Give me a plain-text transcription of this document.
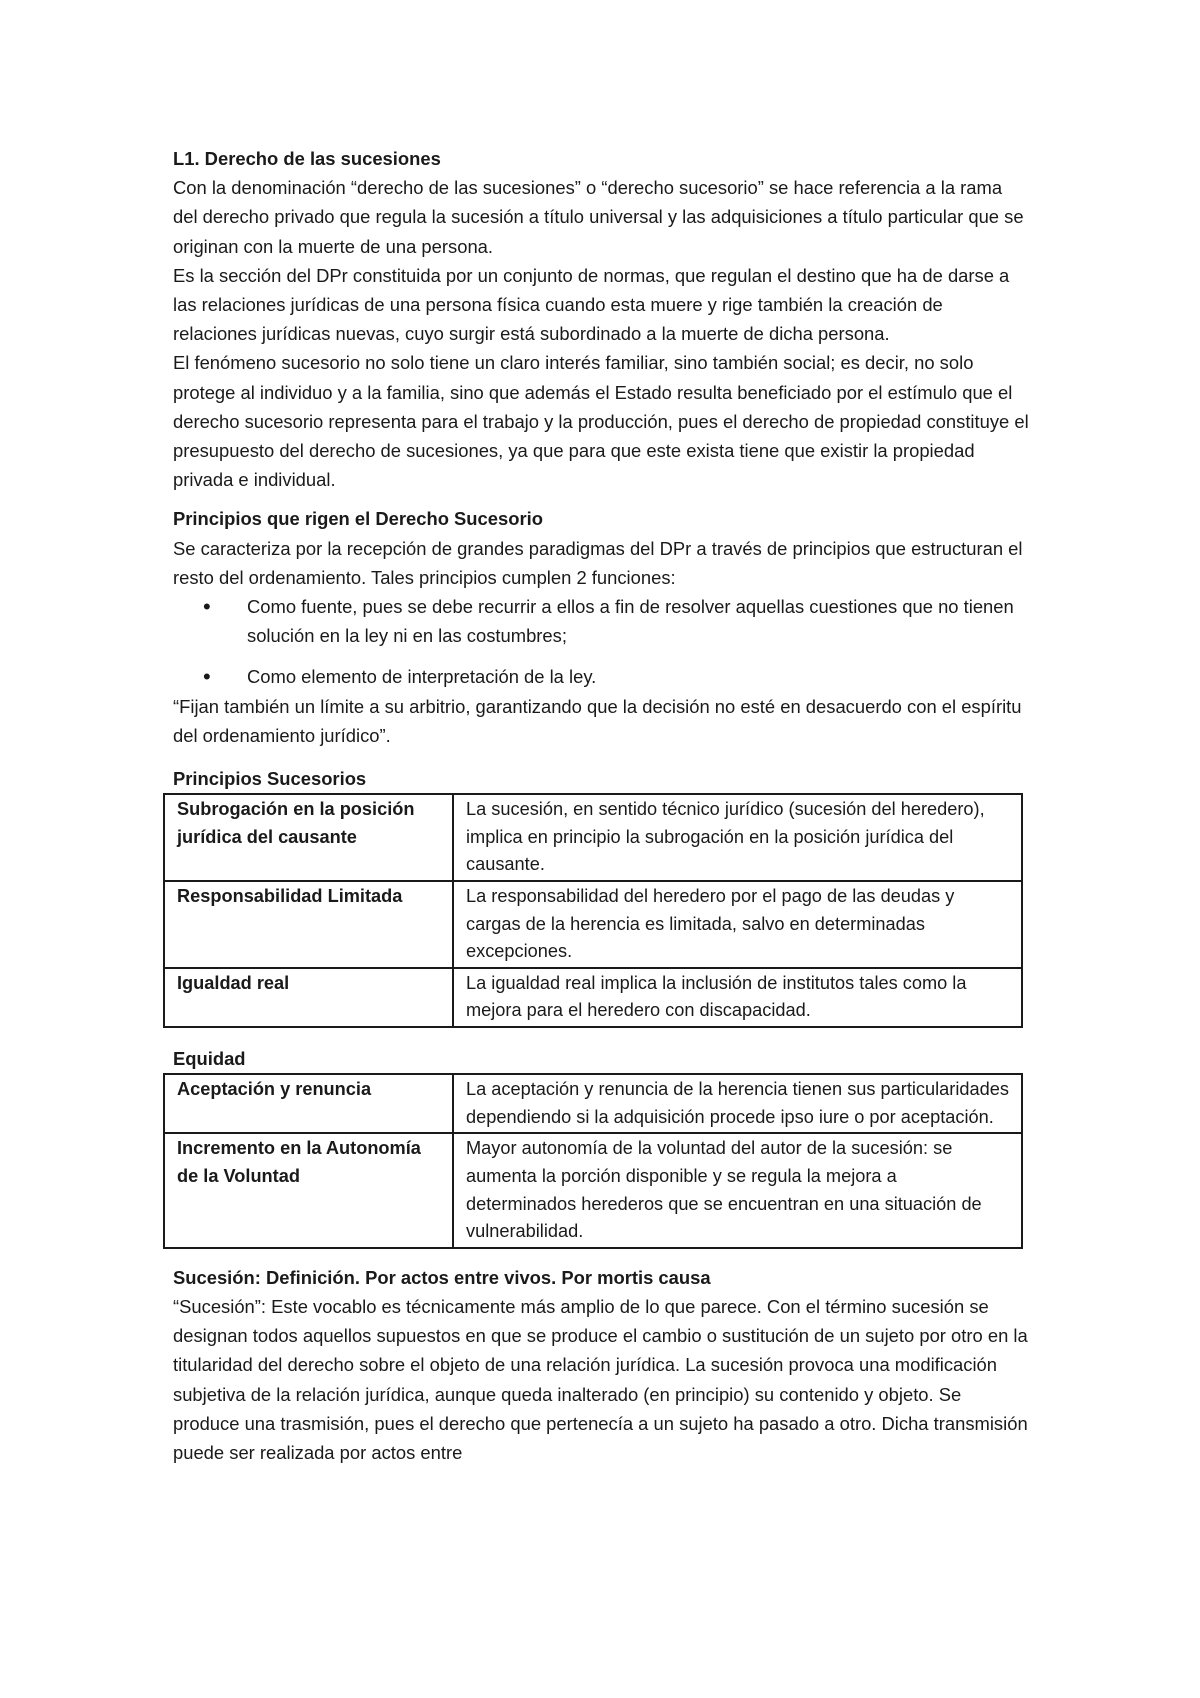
L1. Derecho de las sucesiones

Con la denominación “derecho de las sucesiones” o “derecho sucesorio” se hace referencia a la rama del derecho privado que regula la sucesión a título universal y las adquisiciones a título particular que se originan con la muerte de una persona.

Es la sección del DPr constituida por un conjunto de normas, que regulan el destino que ha de darse a las relaciones jurídicas de una persona física cuando esta muere y rige también la creación de relaciones jurídicas nuevas, cuyo surgir está subordinado a la muerte de dicha persona.

El fenómeno sucesorio no solo tiene un claro interés familiar, sino también social; es decir, no solo protege al individuo y a la familia, sino que además el Estado resulta beneficiado por el estímulo que el derecho sucesorio representa para el trabajo y la producción, pues el derecho de propiedad constituye el presupuesto del derecho de sucesiones, ya que para que este exista tiene que existir la propiedad privada e individual.

Principios que rigen el Derecho Sucesorio

Se caracteriza por la recepción de grandes paradigmas del DPr a través de principios que estructuran el resto del ordenamiento. Tales principios cumplen 2 funciones:

• Como fuente, pues se debe recurrir a ellos a fin de resolver aquellas cuestiones que no tienen solución en la ley ni en las costumbres;
• Como elemento de interpretación de la ley.

“Fijan también un límite a su arbitrio, garantizando que la decisión no esté en desacuerdo con el espíritu del ordenamiento jurídico”.

Principios Sucesorios

Subrogación en la posición jurídica del causante	La sucesión, en sentido técnico jurídico (sucesión del heredero), implica en principio la subrogación en la posición jurídica del causante.
Responsabilidad Limitada	La responsabilidad del heredero por el pago de las deudas y cargas de la herencia es limitada, salvo en determinadas excepciones.
Igualdad real	La igualdad real implica la inclusión de institutos tales como la mejora para el heredero con discapacidad.

Equidad

Aceptación y renuncia	La aceptación y renuncia de la herencia tienen sus particularidades dependiendo si la adquisición procede ipso iure o por aceptación.
Incremento en la Autonomía de la Voluntad	Mayor autonomía de la voluntad del autor de la sucesión: se aumenta la porción disponible y se regula la mejora a determinados herederos que se encuentran en una situación de vulnerabilidad.

Sucesión: Definición. Por actos entre vivos. Por mortis causa

“Sucesión”: Este vocablo es técnicamente más amplio de lo que parece. Con el término sucesión se designan todos aquellos supuestos en que se produce el cambio o sustitución de un sujeto por otro en la titularidad del derecho sobre el objeto de una relación jurídica. La sucesión provoca una modificación subjetiva de la relación jurídica, aunque queda inalterado (en principio) su contenido y objeto. Se produce una trasmisión, pues el derecho que pertenecía a un sujeto ha pasado a otro. Dicha transmisión puede ser realizada por actos entre
